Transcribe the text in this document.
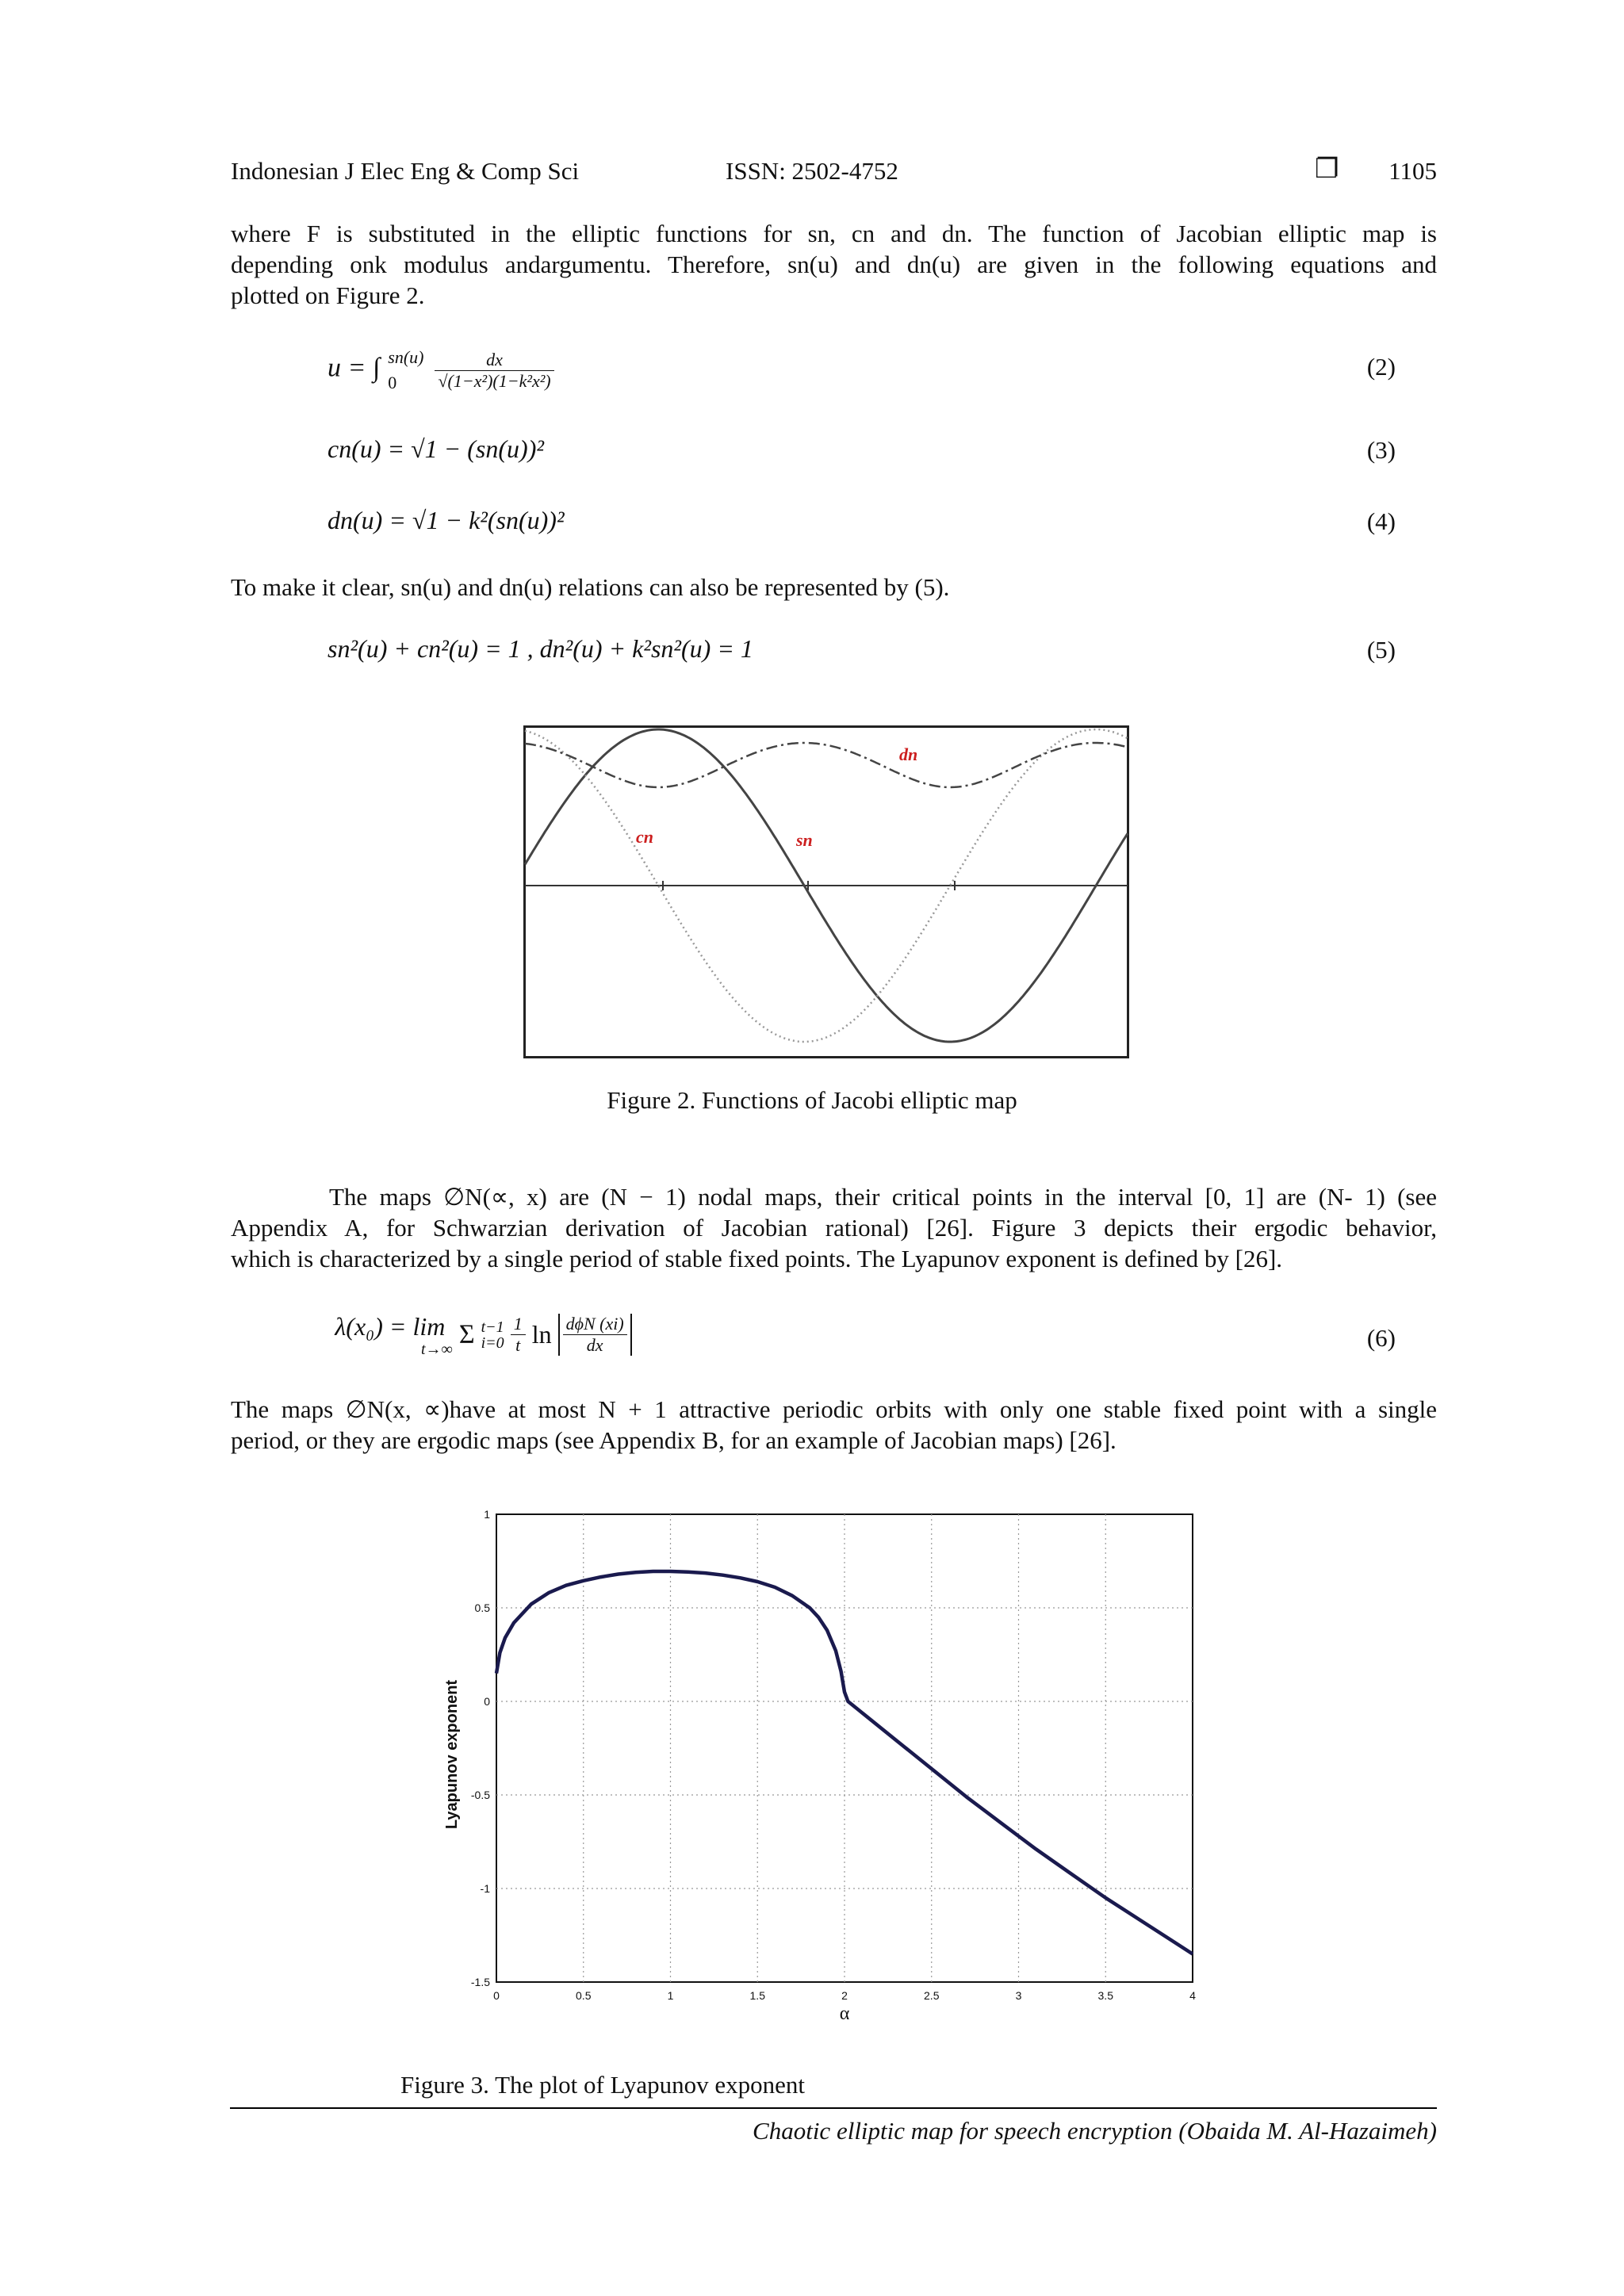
Indonesian J Elec Eng & Comp Sci	ISSN: 2502-4752	❐	1105
where F is substituted in the elliptic functions for sn, cn and dn. The function of Jacobian elliptic map is
depending onk modulus andargumentu. Therefore, sn(u) and dn(u) are given in the following equations and
plotted on Figure 2.
u = ∫ sn(u)
0
	$\frac{dx}{\text{√(1−x²)(1−k²x²)}}$	(2)
cn(u) = √1 − (sn(u))²	(3)
dn(u) = √1 − k²(sn(u))²	(4)
To make it clear, sn(u) and dn(u) relations can also be represented by (5).
sn²(u) + cn²(u) = 1 , dn²(u) + k²sn²(u) = 1	(5)
dn
cn	sn
Figure 2. Functions of Jacobi elliptic map
The maps ∅N(∝, x) are (N − 1) nodal maps, their critical points in the interval [0, 1] are (N- 1) (see
Appendix A, for Schwarzian derivation of Jacobian rational) [26]. Figure 3 depicts their ergodic behavior,
which is characterized by a single period of stable fixed points. The Lyapunov exponent is defined by [26].
λ(x₀) = lim
t→∞
Σ t−1
i=0
$\frac{1}{t}$ $\ln \frac{\text{dϕN (xi)}}{dx}$	(6)
The maps ∅N(x, ∝)have at most N + 1 attractive periodic orbits with only one stable fixed point with a single
period, or they are ergodic maps (see Appendix B, for an example of Jacobian maps) [26].
0	0.5	1	1.5	2	2.5	3	3.5	4
1
0.5
0
-0.5
-1
-1.5
Lyapunov exponent
α
Figure 3. The plot of Lyapunov exponent
Chaotic elliptic map for speech encryption (Obaida M. Al-Hazaimeh)
